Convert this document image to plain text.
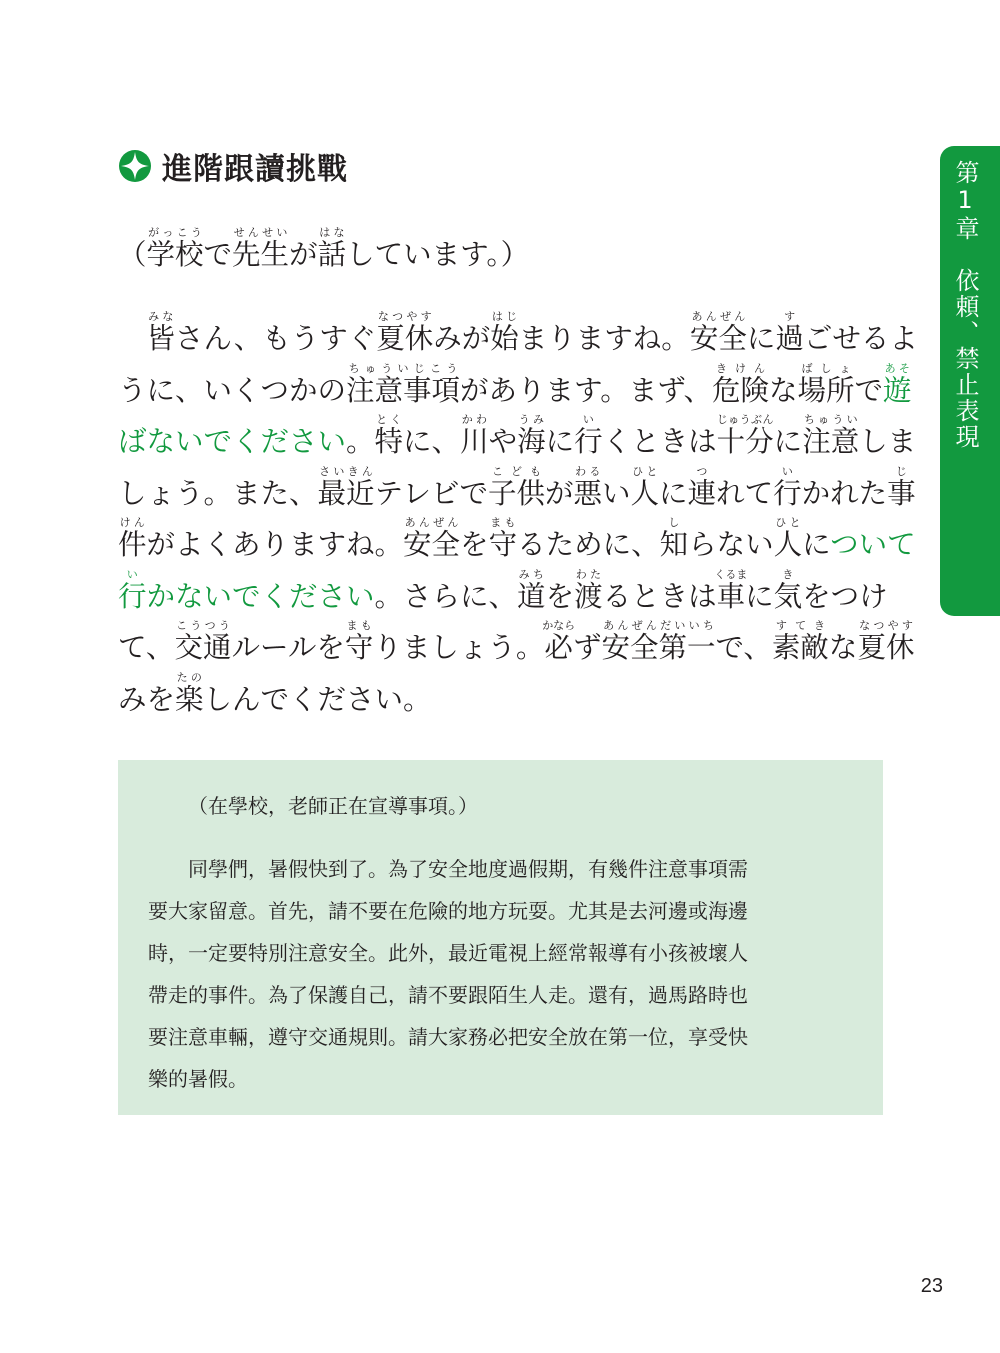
進階跟讀挑戰	第1章　依頼、禁止表現
（学校がっこうで先生せんせいが話はなしています。）
　皆みなさん、もうすぐ夏休なつやすみが始はじまりますね。安全あんぜんに過すごせるよ
うに、いくつかの注意事項ちゅういじこうがあります。まず、危険きけんな場所ばしょで遊あそ
ばないでください。特とくに、川かわや海うみに行いくときは十分じゅうぶんに注意ちゅういしま
しょう。また、最近さいきんテレビで子供こどもが悪わるい人ひとに連つれて行いかれた事じ
件けんがよくありますね。安全あんぜんを守まもるために、知しらない人ひとについて
行いかないでください。さらに、道みちを渡わたるときは車くるまに気きをつけ
て、交通こうつうルールを守まもりましょう。必かならず安全第一あんぜんだいいちで、素敵すてきな夏休なつやす
みを楽たのしんでください。
（在學校，老師正在宣導事項。）
同學們，暑假快到了。為了安全地度過假期，有幾件注意事項需
要大家留意。首先，請不要在危險的地方玩耍。尤其是去河邊或海邊
時，一定要特別注意安全。此外，最近電視上經常報導有小孩被壞人
帶走的事件。為了保護自己，請不要跟陌生人走。還有，過馬路時也
要注意車輛，遵守交通規則。請大家務必把安全放在第一位，享受快
樂的暑假。
23
